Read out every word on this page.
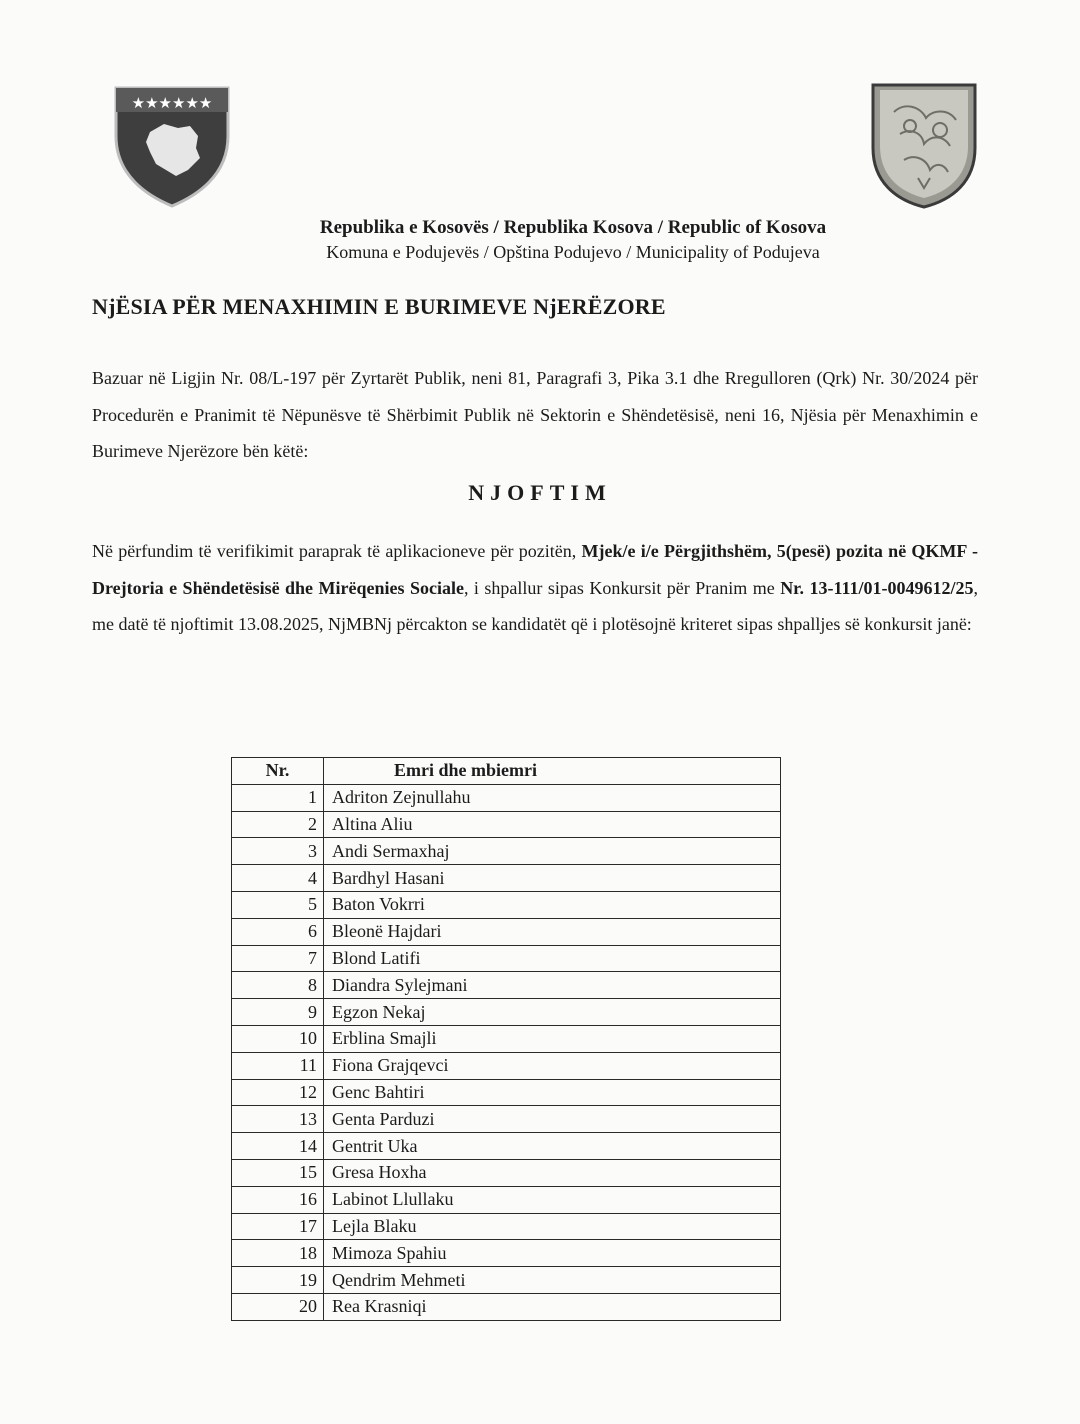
★★★★★★
Republika e Kosovës / Republika Kosova / Republic of Kosova
Komuna e Podujevës / Opština Podujevo / Municipality of Podujeva
NjËSIA PËR MENAXHIMIN E BURIMEVE NjERËZORE
Bazuar në Ligjin Nr. 08/L-197 për Zyrtarët Publik, neni 81, Paragrafi 3, Pika 3.1 dhe Rregulloren (Qrk) Nr. 30/2024 për Procedurën e Pranimit të Nëpunësve të Shërbimit Publik në Sektorin e Shëndetësisë, neni 16, Njësia për Menaxhimin e Burimeve Njerëzore bën këtë:
NJOFTIM
Në përfundim të verifikimit paraprak të aplikacioneve për pozitën, Mjek/e i/e Përgjithshëm, 5(pesë) pozita në QKMF - Drejtoria e Shëndetësisë dhe Mirëqenies Sociale, i shpallur sipas Konkursit për Pranim me Nr. 13-111/01-0049612/25, me datë të njoftimit 13.08.2025, NjMBNj përcakton se kandidatët që i plotësojnë kriteret sipas shpalljes së konkursit janë:
Nr.	Emri dhe mbiemri
1	Adriton Zejnullahu
2	Altina Aliu
3	Andi Sermaxhaj
4	Bardhyl Hasani
5	Baton Vokrri
6	Bleonë Hajdari
7	Blond Latifi
8	Diandra Sylejmani
9	Egzon Nekaj
10	Erblina Smajli
11	Fiona Grajqevci
12	Genc Bahtiri
13	Genta Parduzi
14	Gentrit Uka
15	Gresa Hoxha
16	Labinot Llullaku
17	Lejla Blaku
18	Mimoza Spahiu
19	Qendrim Mehmeti
20	Rea Krasniqi
